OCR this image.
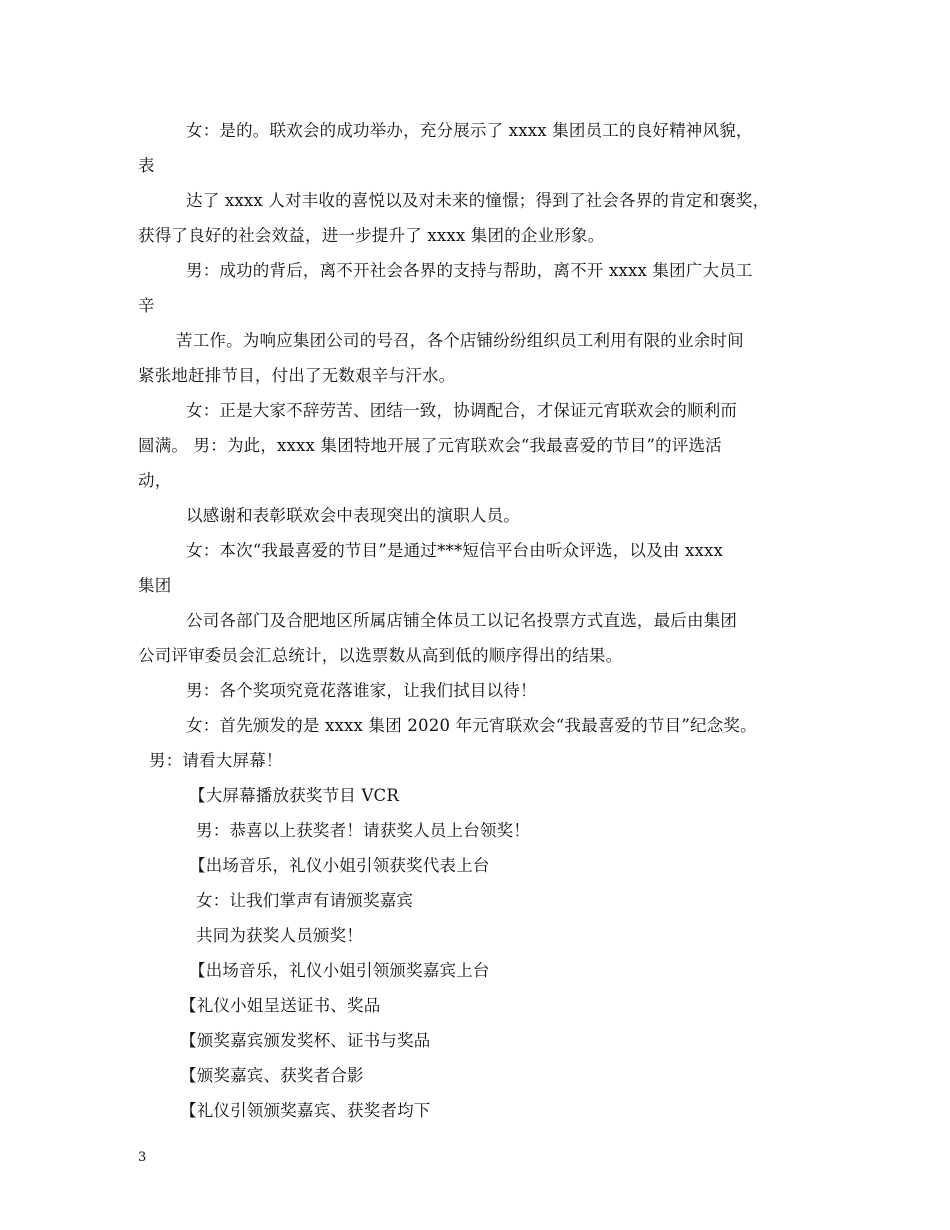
女：是的。联欢会的成功举办，充分展示了 xxxx 集团员工的良好精神风貌，
表
达了 xxxx 人对丰收的喜悦以及对未来的憧憬；得到了社会各界的肯定和褒奖，
获得了良好的社会效益，进一步提升了 xxxx 集团的企业形象。
男：成功的背后，离不开社会各界的支持与帮助，离不开 xxxx 集团广大员工
辛
苦工作。为响应集团公司的号召，各个店铺纷纷组织员工利用有限的业余时间
紧张地赶排节目，付出了无数艰辛与汗水。
女：正是大家不辞劳苦、团结一致，协调配合，才保证元宵联欢会的顺利而
圆满。 男：为此，xxxx 集团特地开展了元宵联欢会“我最喜爱的节目”的评选活
动，
以感谢和表彰联欢会中表现突出的演职人员。
女：本次“我最喜爱的节目”是通过***短信平台由听众评选，以及由 xxxx
集团
公司各部门及合肥地区所属店铺全体员工以记名投票方式直选，最后由集团
公司评审委员会汇总统计，以选票数从高到低的顺序得出的结果。
男：各个奖项究竟花落谁家，让我们拭目以待！
女：首先颁发的是 xxxx 集团 2020 年元宵联欢会“我最喜爱的节目”纪念奖。
男：请看大屏幕！
【大屏幕播放获奖节目 VCR
男：恭喜以上获奖者！请获奖人员上台领奖！
【出场音乐，礼仪小姐引领获奖代表上台
女：让我们掌声有请颁奖嘉宾
共同为获奖人员颁奖！
【出场音乐，礼仪小姐引领颁奖嘉宾上台
【礼仪小姐呈送证书、奖品
【颁奖嘉宾颁发奖杯、证书与奖品
【颁奖嘉宾、获奖者合影
【礼仪引领颁奖嘉宾、获奖者均下
3
